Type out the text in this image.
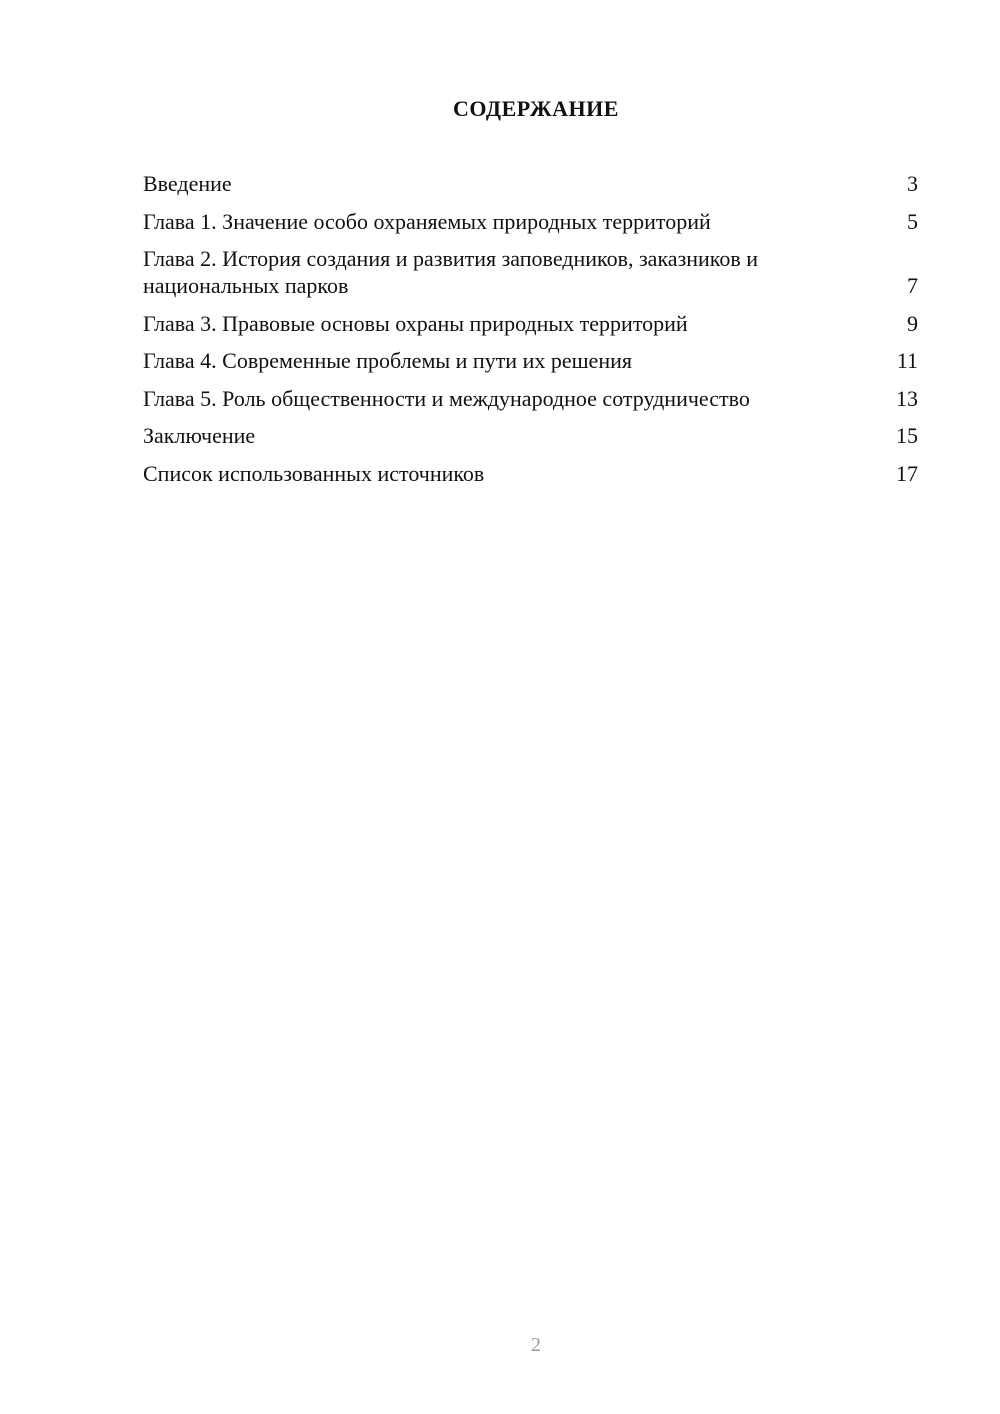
СОДЕРЖАНИЕ
Введение	3
Глава 1. Значение особо охраняемых природных территорий	5
Глава 2. История создания и развития заповедников, заказников и национальных парков	7
Глава 3. Правовые основы охраны природных территорий	9
Глава 4. Современные проблемы и пути их решения	11
Глава 5. Роль общественности и международное сотрудничество	13
Заключение	15
Список использованных источников	17
2
